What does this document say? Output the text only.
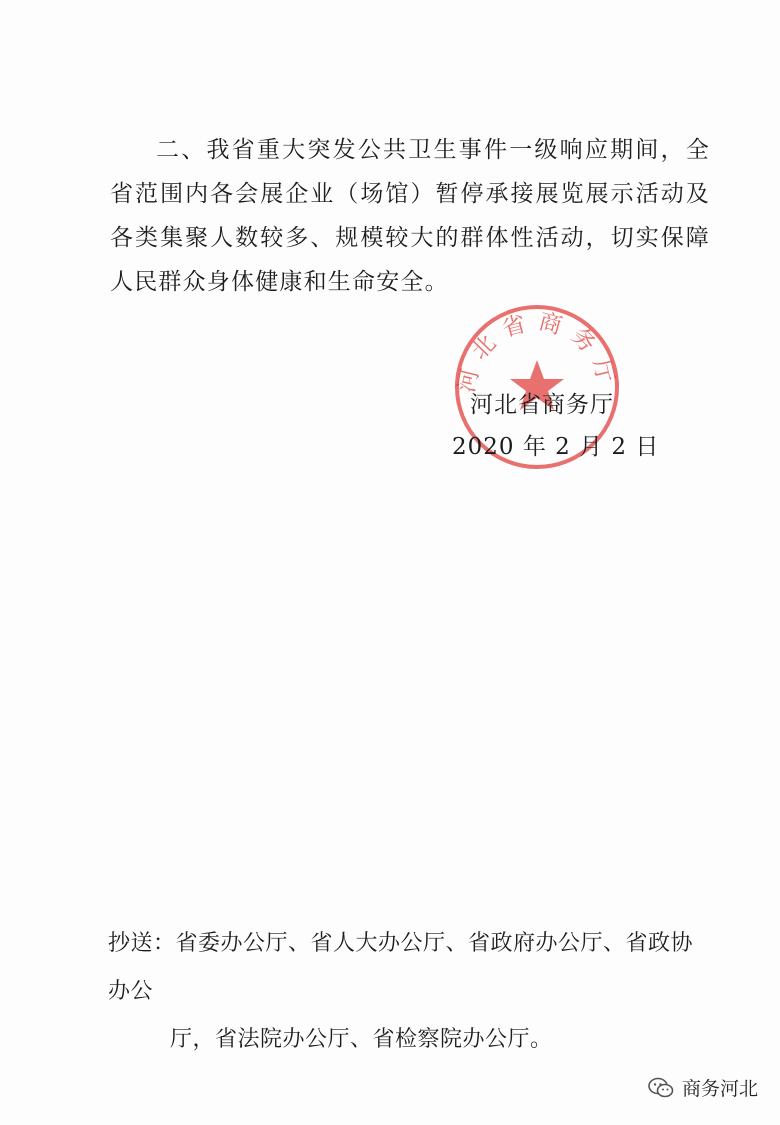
二、我省重大突发公共卫生事件一级响应期间，全省范围内各会展企业（场馆）暂停承接展览展示活动及各类集聚人数较多、规模较大的群体性活动，切实保障人民群众身体健康和生命安全。

河北省商务厅

河北省商务厅

2020 年 2 月 2 日

抄送：省委办公厅、省人大办公厅、省政府办公厅、省政协办公
厅，省法院办公厅、省检察院办公厅。

商务河北
